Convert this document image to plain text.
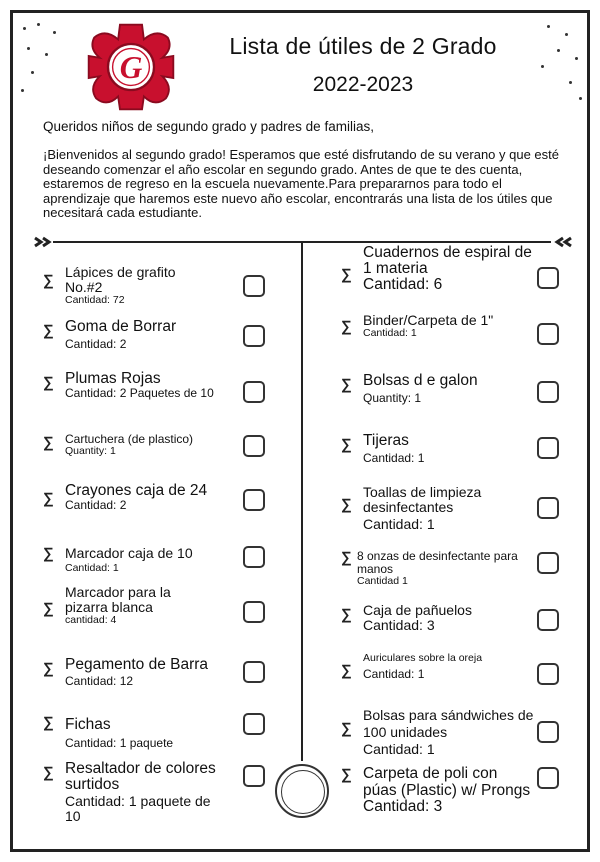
G
Lista de útiles de 2 Grado
2022-2023
Queridos niños de segundo grado y padres de familias,
¡Bienvenidos al segundo grado! Esperamos que esté disfrutando de su verano y que esté deseando comenzar el año escolar en segundo grado. Antes de que te des cuenta, estaremos de regreso en la escuela nuevamente.Para prepararnos para todo el aprendizaje que haremos este nuevo año escolar, encontrarás una lista de los útiles que necesitará cada estudiante.
∑ Lápices de grafito No.#2
Cantidad: 72
∑ Goma de Borrar
Cantidad: 2
∑ Plumas Rojas
Cantidad: 2 Paquetes de 10
∑ Cartuchera (de plastico)
Quantity: 1
∑ Crayones caja de 24
Cantidad: 2
∑ Marcador caja de 10
Cantidad: 1
∑
Marcador para la pizarra blanca
cantidad: 4
∑ Pegamento de Barra
Cantidad: 12
∑ Fichas
Cantidad: 1 paquete
∑ Resaltador de colores surtidos
Cantidad: 1 paquete de 10
∑
Cuadernos de espiral de 1 materia
Cantidad: 6
∑ Binder/Carpeta de 1"
Cantidad: 1
∑ Bolsas d e galon
Quantity: 1
∑ Tijeras
Cantidad: 1
∑
Toallas de limpieza desinfectantes
Cantidad: 1
∑ 8 onzas de desinfectante para manos
Cantidad 1
∑ Caja de pañuelos
Cantidad: 3
∑
Auriculares sobre la oreja
Cantidad: 1
∑
Bolsas para sándwiches de 100 unidades
Cantidad: 1
∑ Carpeta de poli con púas (Plastic) w/ Prongs
Cantidad: 3
